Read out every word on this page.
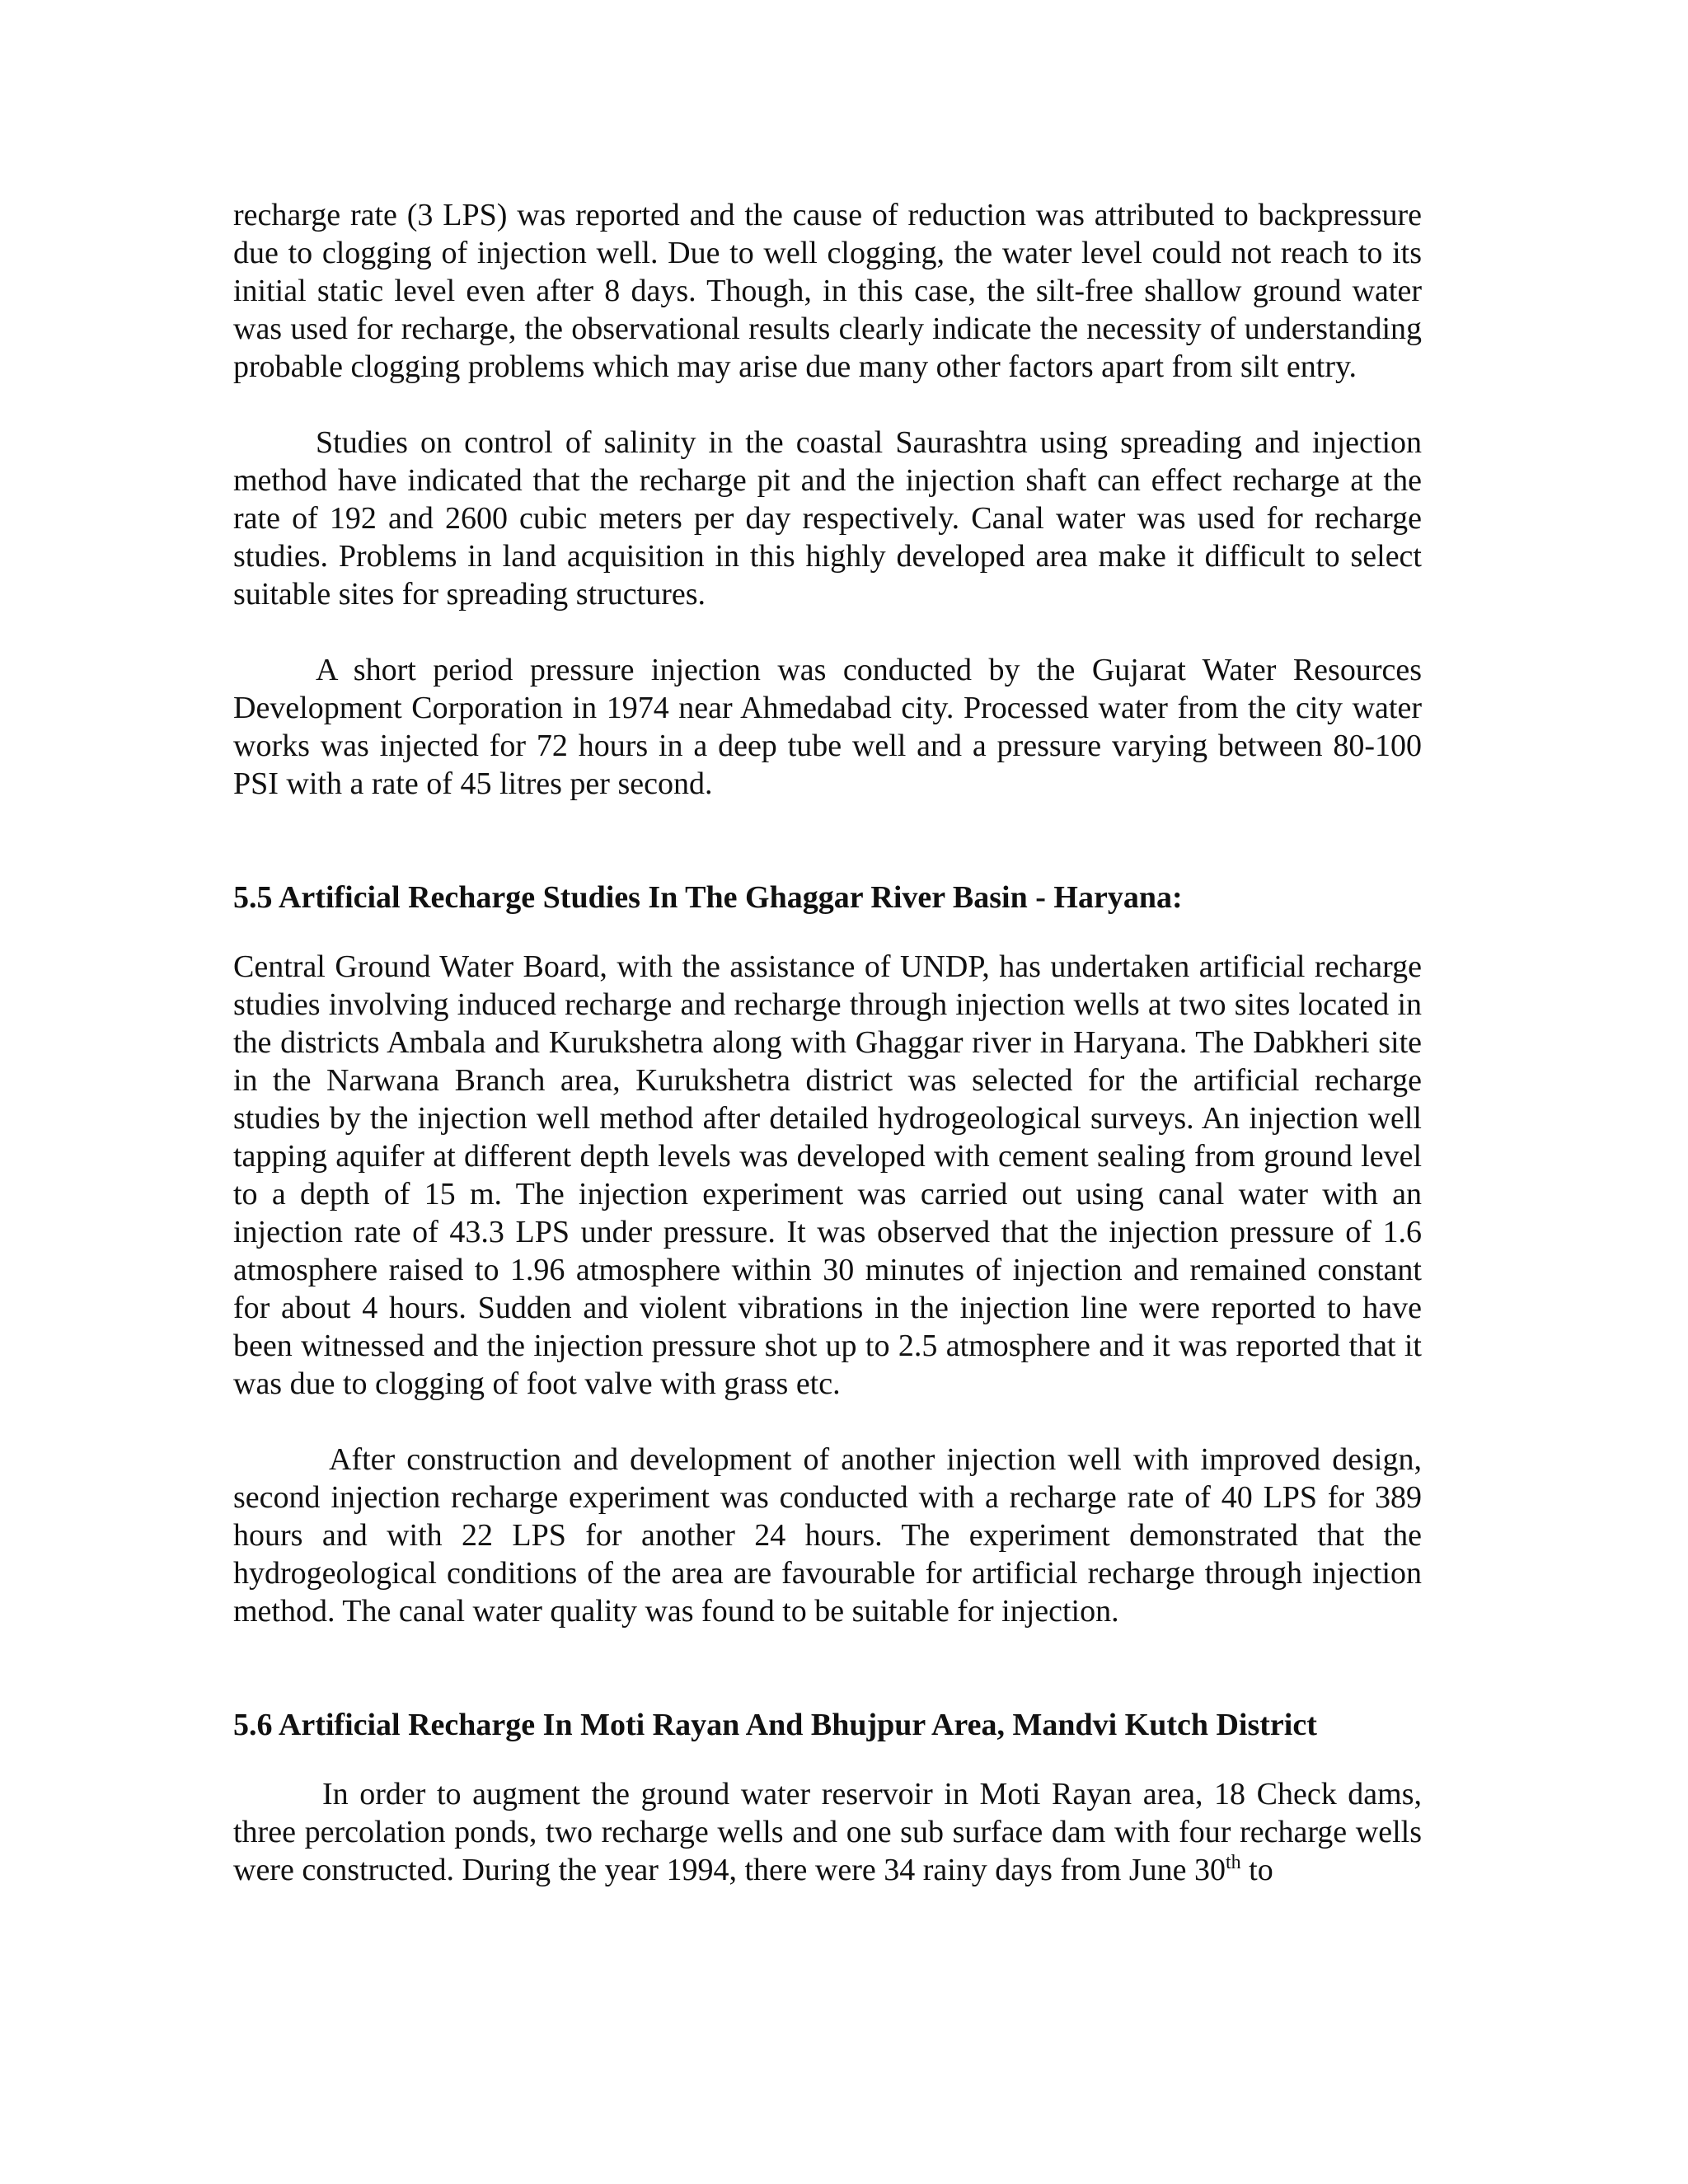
recharge rate (3 LPS) was reported and the cause of reduction was attributed to backpressure due to clogging of injection well. Due to well clogging, the water level could not reach to its initial static level even after 8 days. Though, in this case, the silt-free shallow ground water was used for recharge, the observational results clearly indicate the necessity of understanding probable clogging problems which may arise due many other factors apart from silt entry.

Studies on control of salinity in the coastal Saurashtra using spreading and injection method have indicated that the recharge pit and the injection shaft can effect recharge at the rate of 192 and 2600 cubic meters per day respectively. Canal water was used for recharge studies. Problems in land acquisition in this highly developed area make it difficult to select suitable sites for spreading structures.

A short period pressure injection was conducted by the Gujarat Water Resources Development Corporation in 1974 near Ahmedabad city. Processed water from the city water works was injected for 72 hours in a deep tube well and a pressure varying between 80-100 PSI with a rate of 45 litres per second.

5.5 Artificial Recharge Studies In The Ghaggar River Basin - Haryana:

Central Ground Water Board, with the assistance of UNDP, has undertaken artificial recharge studies involving induced recharge and recharge through injection wells at two sites located in the districts Ambala and Kurukshetra along with Ghaggar river in Haryana. The Dabkheri site in the Narwana Branch area, Kurukshetra district was selected for the artificial recharge studies by the injection well method after detailed hydrogeological surveys. An injection well tapping aquifer at different depth levels was developed with cement sealing from ground level to a depth of 15 m. The injection experiment was carried out using canal water with an injection rate of 43.3 LPS under pressure. It was observed that the injection pressure of 1.6 atmosphere raised to 1.96 atmosphere within 30 minutes of injection and remained constant for about 4 hours. Sudden and violent vibrations in the injection line were reported to have been witnessed and the injection pressure shot up to 2.5 atmosphere and it was reported that it was due to clogging of foot valve with grass etc.

After construction and development of another injection well with improved design, second injection recharge experiment was conducted with a recharge rate of 40 LPS for 389 hours and with 22 LPS for another 24 hours. The experiment demonstrated that the hydrogeological conditions of the area are favourable for artificial recharge through injection method. The canal water quality was found to be suitable for injection.

5.6 Artificial Recharge In Moti Rayan And Bhujpur Area, Mandvi Kutch District

In order to augment the ground water reservoir in Moti Rayan area, 18 Check dams, three percolation ponds, two recharge wells and one sub surface dam with four recharge wells were constructed. During the year 1994, there were 34 rainy days from June 30th to
